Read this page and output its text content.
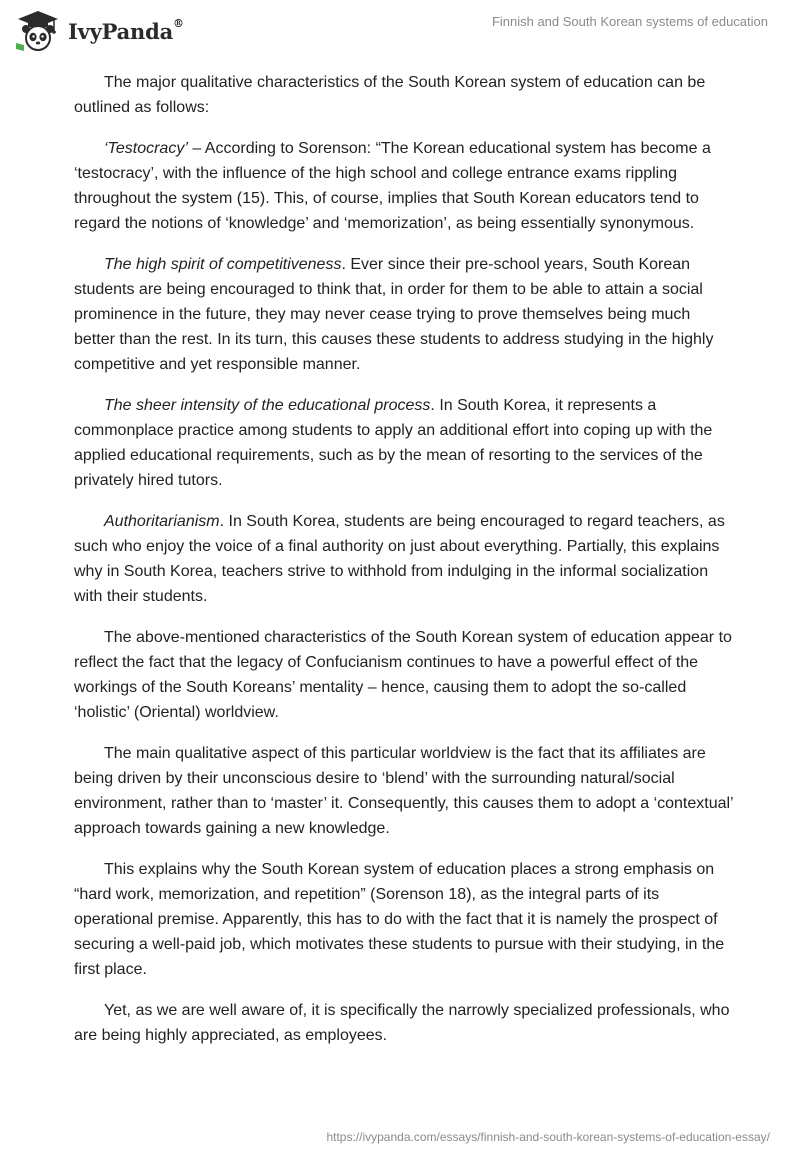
IvyPanda®	Finnish and South Korean systems of education

The major qualitative characteristics of the South Korean system of education can be outlined as follows:

‘Testocracy’ – According to Sorenson: “The Korean educational system has become a ‘testocracy’, with the influence of the high school and college entrance exams rippling throughout the system (15). This, of course, implies that South Korean educators tend to regard the notions of ‘knowledge’ and ‘memorization’, as being essentially synonymous.

The high spirit of competitiveness. Ever since their pre-school years, South Korean students are being encouraged to think that, in order for them to be able to attain a social prominence in the future, they may never cease trying to prove themselves being much better than the rest. In its turn, this causes these students to address studying in the highly competitive and yet responsible manner.

The sheer intensity of the educational process. In South Korea, it represents a commonplace practice among students to apply an additional effort into coping up with the applied educational requirements, such as by the mean of resorting to the services of the privately hired tutors.

Authoritarianism. In South Korea, students are being encouraged to regard teachers, as such who enjoy the voice of a final authority on just about everything. Partially, this explains why in South Korea, teachers strive to withhold from indulging in the informal socialization with their students.

The above-mentioned characteristics of the South Korean system of education appear to reflect the fact that the legacy of Confucianism continues to have a powerful effect of the workings of the South Koreans’ mentality – hence, causing them to adopt the so-called ‘holistic’ (Oriental) worldview.

The main qualitative aspect of this particular worldview is the fact that its affiliates are being driven by their unconscious desire to ‘blend’ with the surrounding natural/social environment, rather than to ‘master’ it. Consequently, this causes them to adopt a ‘contextual’ approach towards gaining a new knowledge.

This explains why the South Korean system of education places a strong emphasis on “hard work, memorization, and repetition” (Sorenson 18), as the integral parts of its operational premise. Apparently, this has to do with the fact that it is namely the prospect of securing a well-paid job, which motivates these students to pursue with their studying, in the first place.

Yet, as we are well aware of, it is specifically the narrowly specialized professionals, who are being highly appreciated, as employees.

https://ivypanda.com/essays/finnish-and-south-korean-systems-of-education-essay/
